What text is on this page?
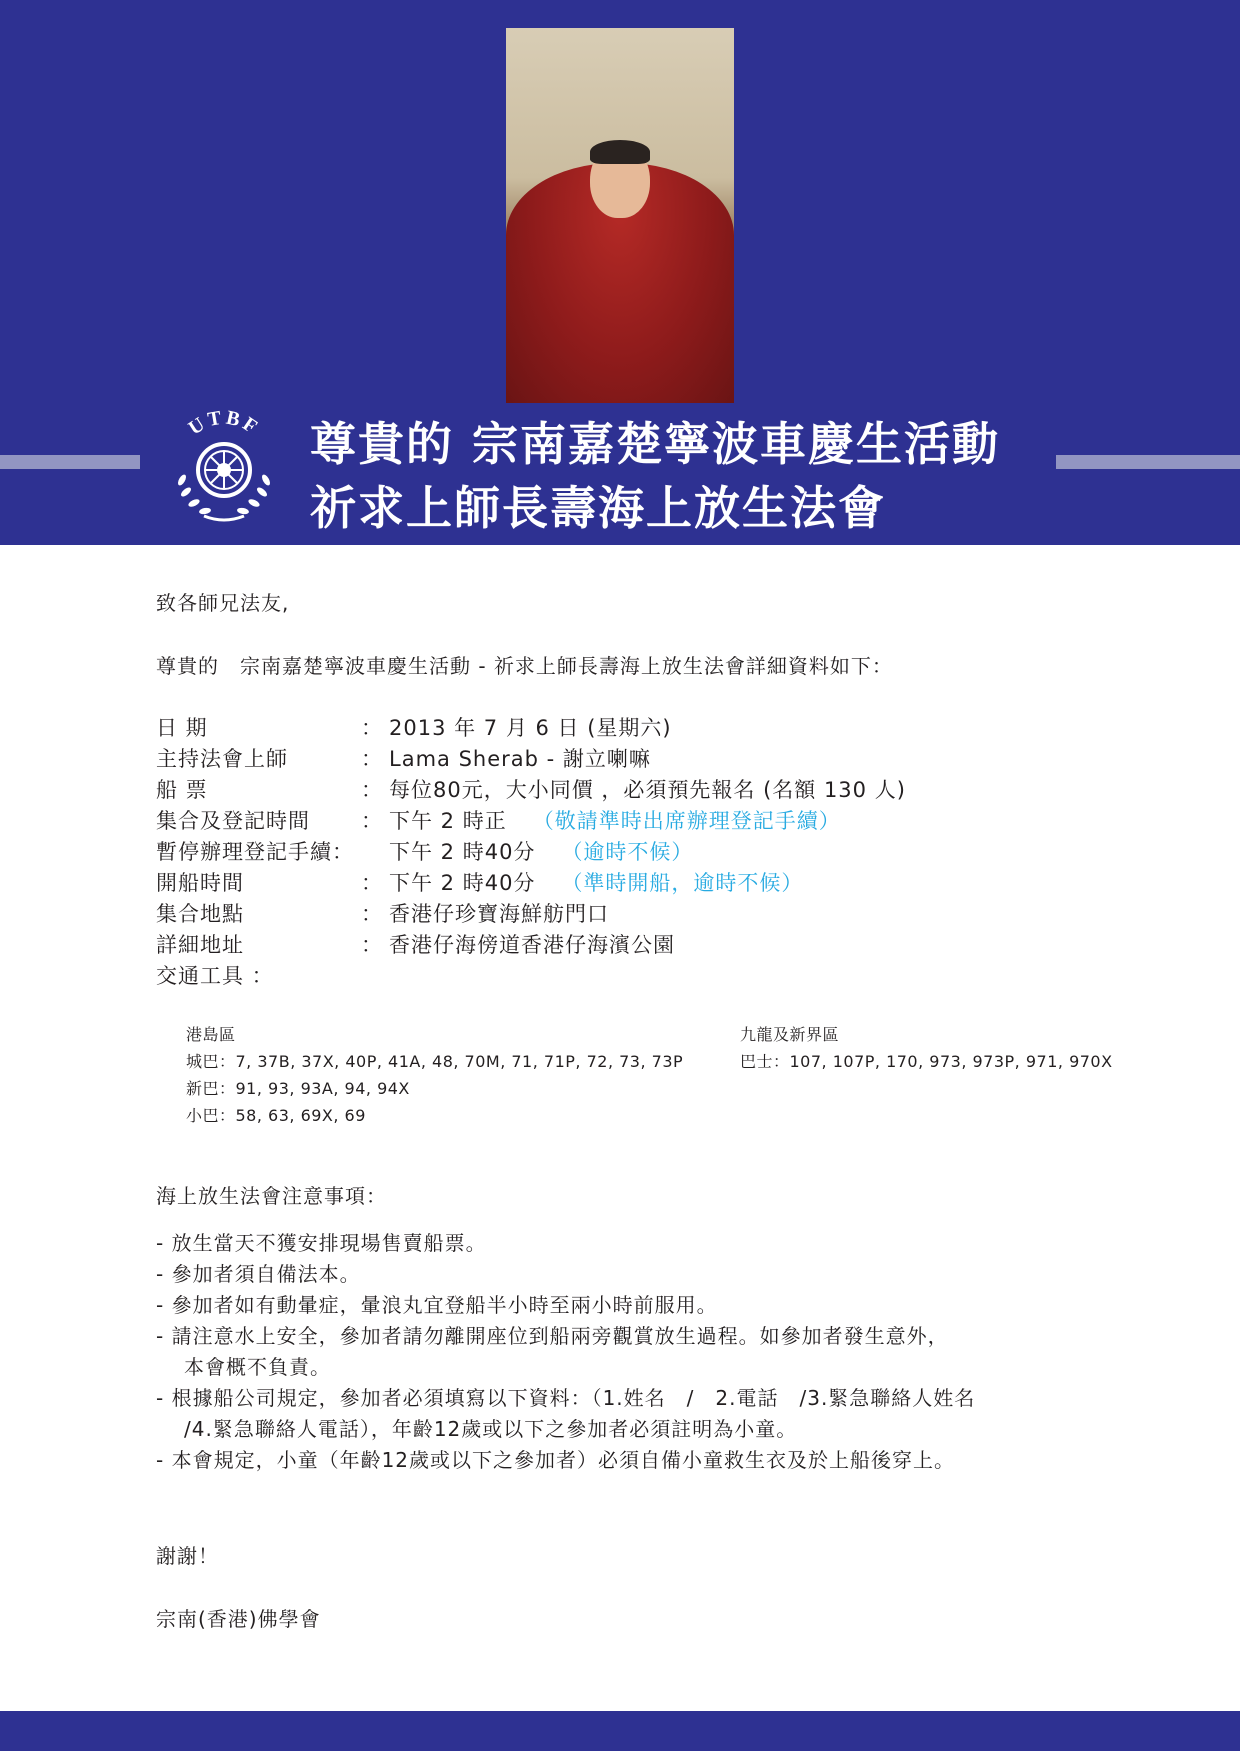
UTBF 尊貴的 宗南嘉楚寧波車慶生活動
祈求上師長壽海上放生法會
致各師兄法友,
尊貴的　宗南嘉楚寧波車慶生活動 - 祈求上師長壽海上放生法會詳細資料如下：
日 期	： 2013 年 7 月 6 日 (星期六)
主持法會上師	： Lama Sherab - 謝立喇嘛
船 票	： 每位80元，大小同價 ，必須預先報名 (名額 130 人)
集合及登記時間 ： 下午 2 時正 （敬請準時出席辦理登記手續）
暫停辦理登記手續： 下午 2 時40分 （逾時不候）
開船時間	： 下午 2 時40分 （準時開船，逾時不候）
集合地點	： 香港仔珍寶海鮮舫門口
詳細地址	： 香港仔海傍道香港仔海濱公園
交通工具 ：
港島區
城巴：7, 37B, 37X, 40P, 41A, 48, 70M, 71, 71P, 72, 73, 73P
新巴：91, 93, 93A, 94, 94X
小巴：58, 63, 69X, 69
九龍及新界區
巴士：107, 107P, 170, 973, 973P, 971, 970X
海上放生法會注意事項：
- 放生當天不獲安排現場售賣船票。
- 參加者須自備法本。
- 參加者如有動暈症，暈浪丸宜登船半小時至兩小時前服用。
- 請注意水上安全，參加者請勿離開座位到船兩旁觀賞放生過程。如參加者發生意外，
本會概不負責。
- 根據船公司規定，參加者必須填寫以下資料：（1.姓名　/　2.電話　/3.緊急聯絡人姓名
/4.緊急聯絡人電話），年齡12歲或以下之參加者必須註明為小童。
- 本會規定，小童（年齡12歲或以下之參加者）必須自備小童救生衣及於上船後穿上。
謝謝！
宗南(香港)佛學會
